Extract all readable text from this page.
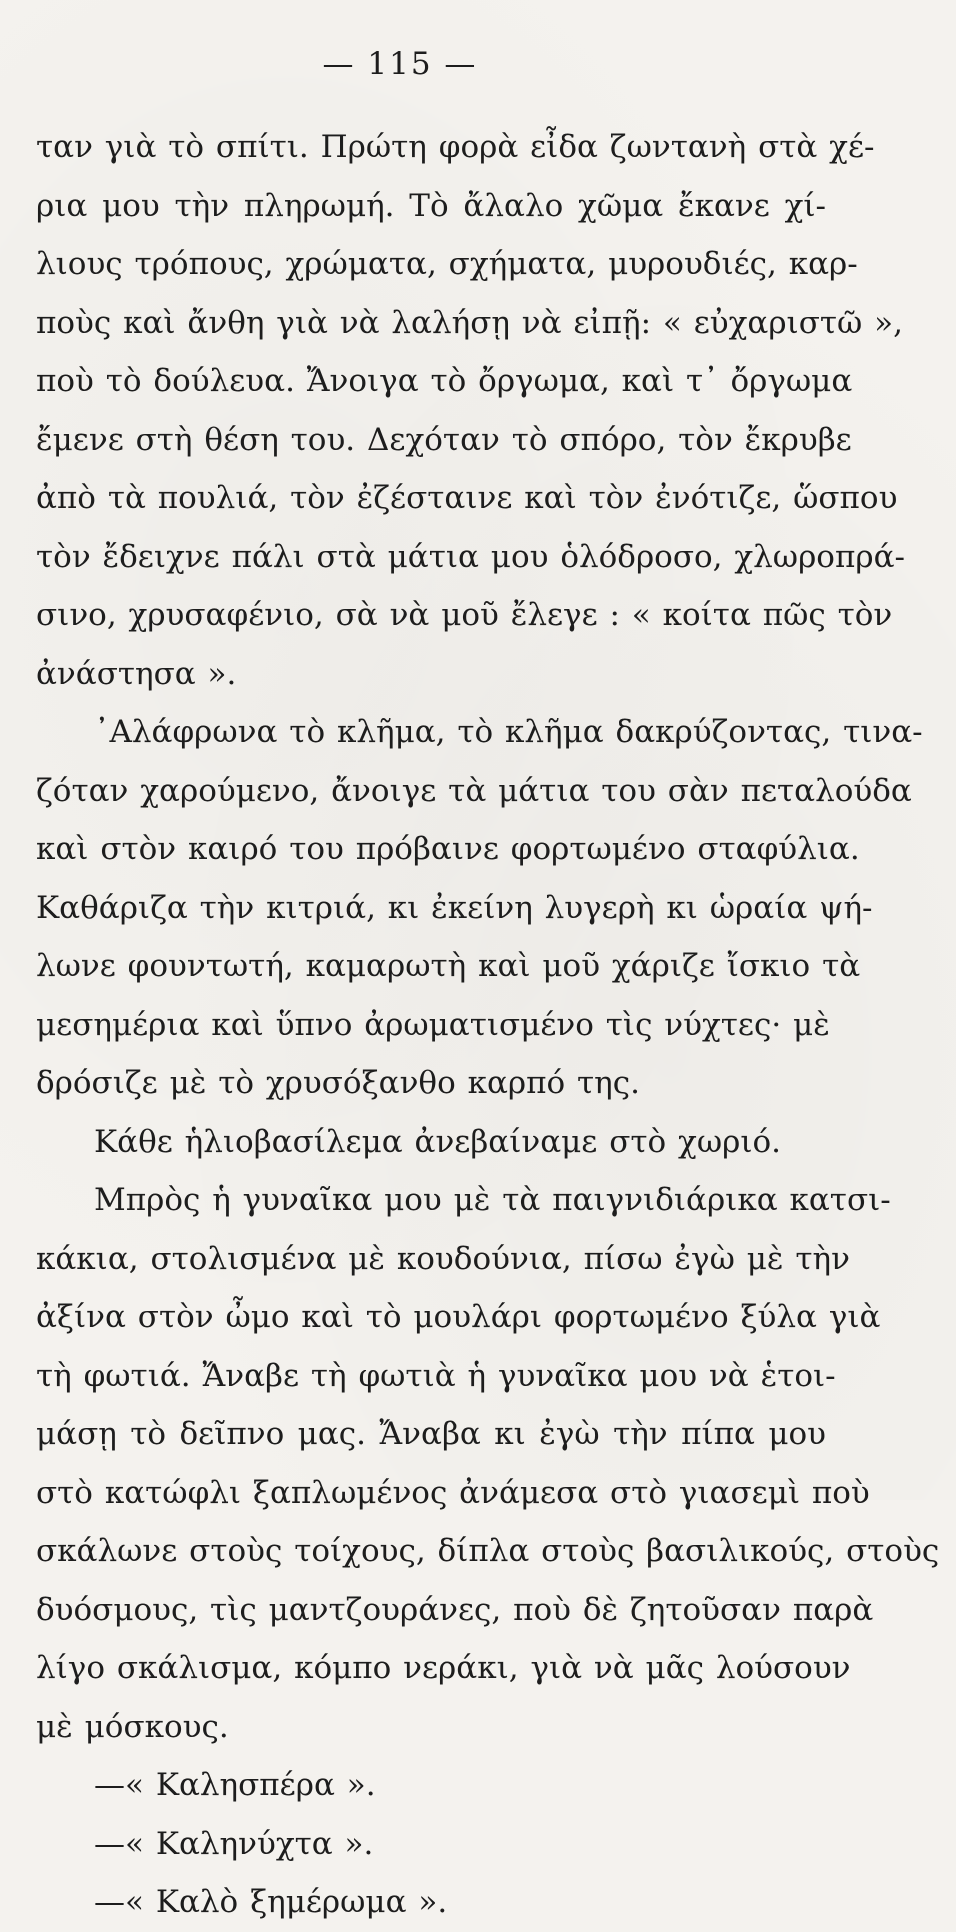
— 115 —
ταν γιὰ τὸ σπίτι. Πρώτη φορὰ εἶδα ζωντανὴ στὰ χέ-
ρια μου τὴν πληρωμή. Τὸ ἄλαλο χῶμα ἔκανε χί-
λιους τρόπους, χρώματα, σχήματα, μυρουδιές, καρ-
ποὺς καὶ ἄνθη γιὰ νὰ λαλήσῃ νὰ εἰπῇ: « εὐχαριστῶ »,
ποὺ τὸ δούλευα. Ἄνοιγα τὸ ὄργωμα, καὶ τ᾽ ὄργωμα
ἔμενε στὴ θέση του. Δεχόταν τὸ σπόρο, τὸν ἔκρυβε
ἀπὸ τὰ πουλιά, τὸν ἐζέσταινε καὶ τὸν ἐνότιζε, ὥσπου
τὸν ἔδειχνε πάλι στὰ μάτια μου ὁλόδροσο, χλωροπρά-
σινο, χρυσαφένιο, σὰ νὰ μοῦ ἔλεγε : « κοίτα πῶς τὸν
ἀνάστησα ».
᾽Αλάφρωνα τὸ κλῆμα, τὸ κλῆμα δακρύζοντας, τινα-
ζόταν χαρούμενο, ἄνοιγε τὰ μάτια του σὰν πεταλούδα
καὶ στὸν καιρό του πρόβαινε φορτωμένο σταφύλια.
Καθάριζα τὴν κιτριά, κι ἐκείνη λυγερὴ κι ὡραία ψή-
λωνε φουντωτή, καμαρωτὴ καὶ μοῦ χάριζε ἴσκιο τὰ
μεσημέρια καὶ ὕπνο ἀρωματισμένο τὶς νύχτες· μὲ
δρόσιζε μὲ τὸ χρυσόξανθο καρπό της.
Κάθε ἡλιοβασίλεμα ἀνεβαίναμε στὸ χωριό.
Μπρὸς ἡ γυναῖκα μου μὲ τὰ παιγνιδιάρικα κατσι-
κάκια, στολισμένα μὲ κουδούνια, πίσω ἐγὼ μὲ τὴν
ἀξίνα στὸν ὦμο καὶ τὸ μουλάρι φορτωμένο ξύλα γιὰ
τὴ φωτιά. Ἄναβε τὴ φωτιὰ ἡ γυναῖκα μου νὰ ἑτοι-
μάσῃ τὸ δεῖπνο μας. Ἄναβα κι ἐγὼ τὴν πίπα μου
στὸ κατώφλι ξαπλωμένος ἀνάμεσα στὸ γιασεμὶ ποὺ
σκάλωνε στοὺς τοίχους, δίπλα στοὺς βασιλικούς, στοὺς
δυόσμους, τὶς μαντζουράνες, ποὺ δὲ ζητοῦσαν παρὰ
λίγο σκάλισμα, κόμπο νεράκι, γιὰ νὰ μᾶς λούσουν
μὲ μόσκους.
—« Καλησπέρα ».
—« Καληνύχτα ».
—« Καλὸ ξημέρωμα ».
